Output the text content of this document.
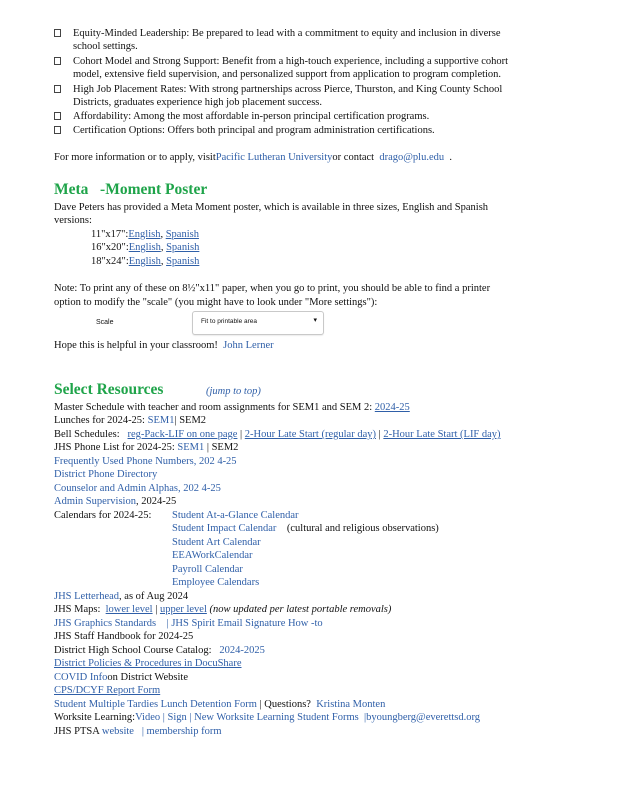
Equity-Minded Leadership: Be prepared to lead with a commitment to equity and inclusion in diverse
school settings.
Cohort Model and Strong Support: Benefit from a high-touch experience, including a supportive cohort
model, extensive field supervision, and personalized support from application to program completion.
High Job Placement Rates: With strong partnerships across Pierce, Thurston, and King County School
Districts, graduates experience high job placement success.
Affordability: Among the most affordable in-person principal certification programs.
Certification Options: Offers both principal and program administration certifications.
For more information or to apply, visitPacific Lutheran Universityor contact drago@plu.edu .
Meta -Moment Poster
Dave Peters has provided a Meta Moment poster, which is available in three sizes, English and Spanish
versions:
11"x17":English, Spanish
16"x20":English, Spanish
18"x24":English, Spanish
Note: To print any of these on 8½"x11" paper, when you go to print, you should be able to find a printer
option to modify the "scale" (you might have to look under "More settings"):
Scale	Fit to printable area	▾
Hope this is helpful in your classroom! John Lerner
Select Resources	(jump to top)
Master Schedule with teacher and room assignments for SEM1 and SEM 2: 2024-25
Lunches for 2024-25: SEM1| SEM2
Bell Schedules: reg-Pack-LIF on one page | 2-Hour Late Start (regular day) | 2-Hour Late Start (LIF day)
JHS Phone List for 2024-25: SEM1 | SEM2
Frequently Used Phone Numbers, 202 4-25
District Phone Directory
Counselor and Admin Alphas, 202 4-25
Admin Supervision, 2024-25
Calendars for 2024-25: Student At-a-Glance Calendar
Student Impact Calendar (cultural and religious observations)
Student Art Calendar
EEAWorkCalendar
Payroll Calendar
Employee Calendars
JHS Letterhead, as of Aug 2024
JHS Maps: lower level | upper level (now updated per latest portable removals)
JHS Graphics Standards | JHS Spirit Email Signature How -to
JHS Staff Handbook for 2024-25
District High School Course Catalog: 2024-2025
District Policies & Procedures in DocuShare
COVID Infoon District Website
CPS/DCYF Report Form
Student Multiple Tardies Lunch Detention Form | Questions? Kristina Monten
Worksite Learning:Video | Sign | New Worksite Learning Student Forms |byoungberg@everettsd.org
JHS PTSA website | membership form
